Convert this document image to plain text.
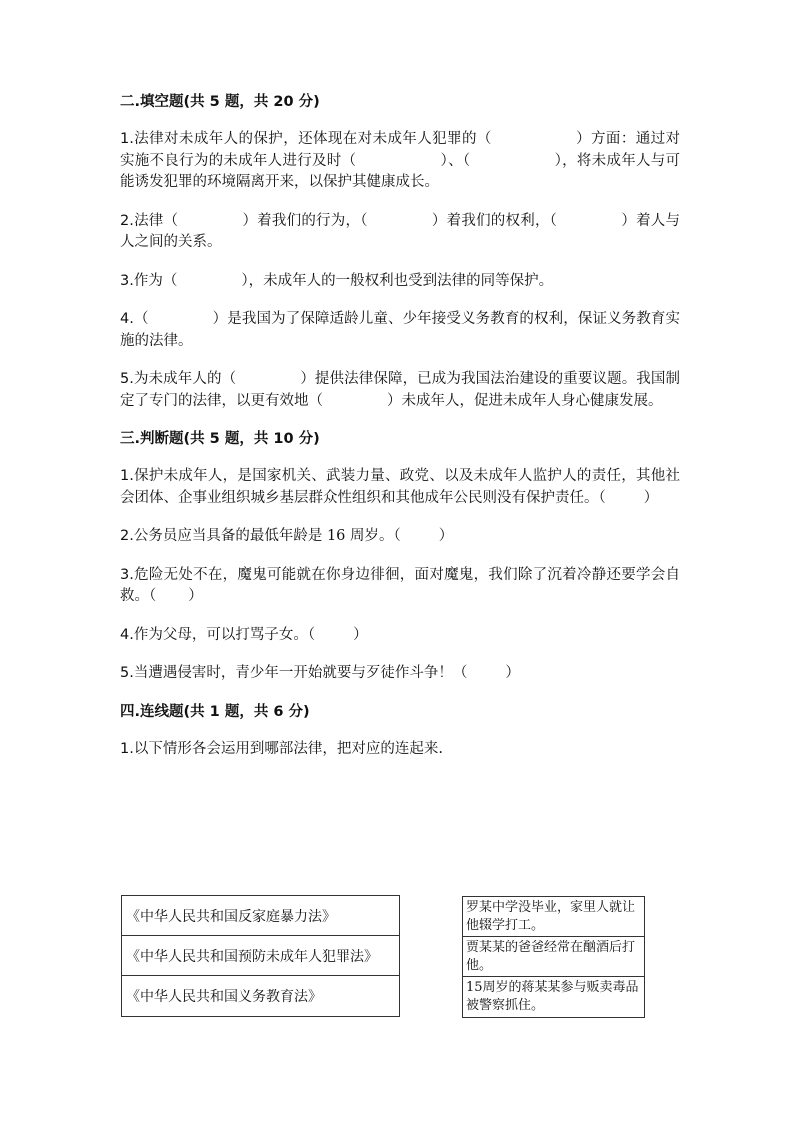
二.填空题(共 5 题，共 20 分)
1.法律对未成年人的保护，还体现在对未成年人犯罪的（	）方面：通过对实施不良行为的未成年人进行及时（	）、（	），将未成年人与可能诱发犯罪的环境隔离开来，以保护其健康成长。
2.法律（	）着我们的行为，（	）着我们的权利，（	）着人与人之间的关系。
3.作为（	），未成年人的一般权利也受到法律的同等保护。
4.（	）是我国为了保障适龄儿童、少年接受义务教育的权利，保证义务教育实施的法律。
5.为未成年人的（	）提供法律保障，已成为我国法治建设的重要议题。我国制定了专门的法律，以更有效地（	）未成年人，促进未成年人身心健康发展。
三.判断题(共 5 题，共 10 分)
1.保护未成年人，是国家机关、武装力量、政党、以及未成年人监护人的责任，其他社会团体、企事业组织城乡基层群众性组织和其他成年公民则没有保护责任。（	）
2.公务员应当具备的最低年龄是 16 周岁。（	）
3.危险无处不在，魔鬼可能就在你身边徘徊，面对魔鬼，我们除了沉着冷静还要学会自救。（ ）
4.作为父母，可以打骂子女。（	）
5.当遭遇侵害时，青少年一开始就要与歹徒作斗争！（	）
四.连线题(共 1 题，共 6 分)
1.以下情形各会运用到哪部法律，把对应的连起来.
《中华人民共和国反家庭暴力法》
《中华人民共和国预防未成年人犯罪法》
《中华人民共和国义务教育法》
罗某中学没毕业，家里人就让他辍学打工。
贾某某的爸爸经常在酗酒后打他。
15周岁的蒋某某参与贩卖毒品被警察抓住。
